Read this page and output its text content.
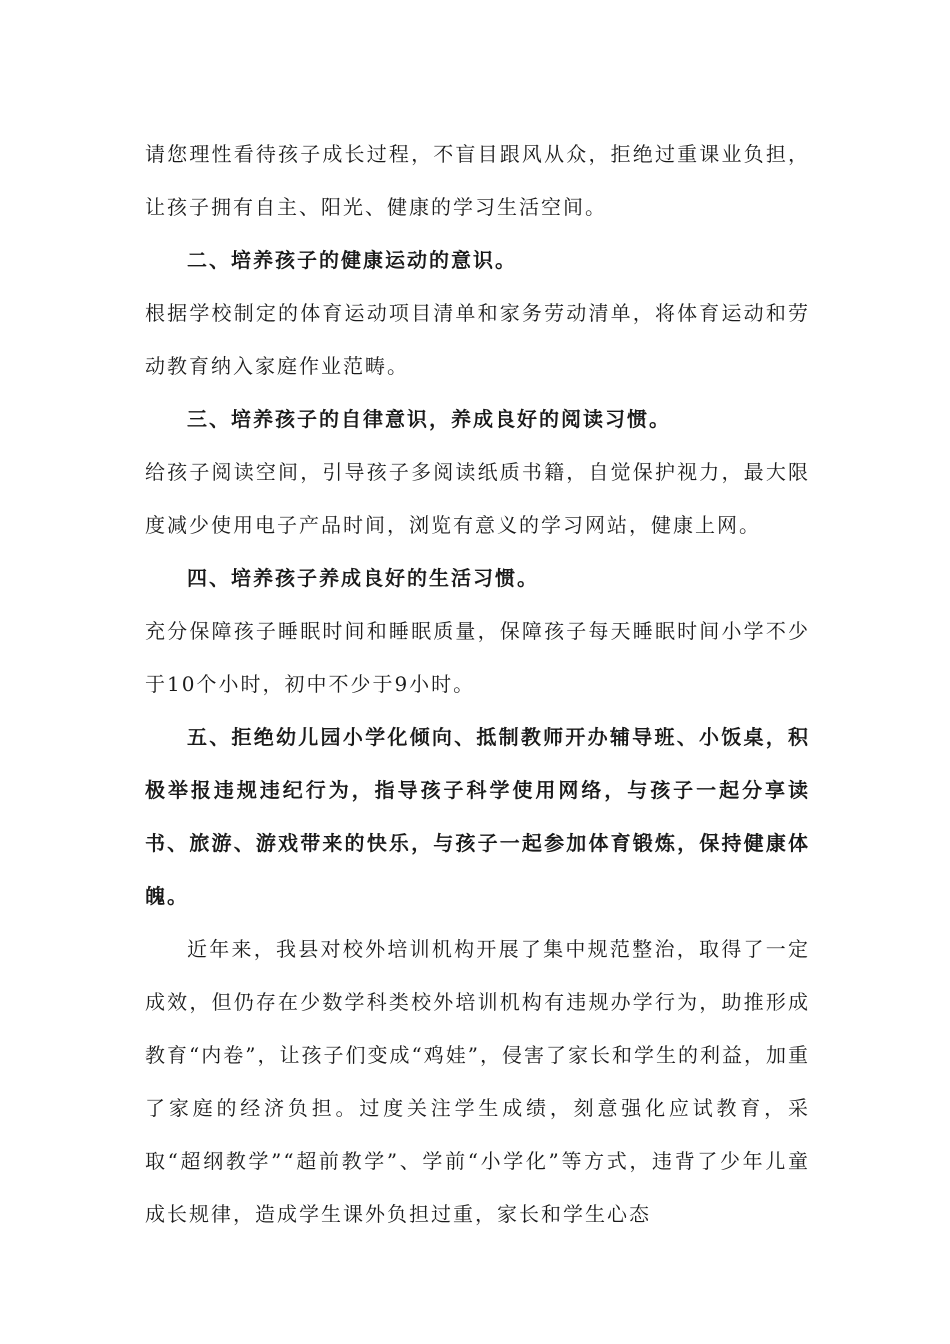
请您理性看待孩子成长过程，不盲目跟风从众，拒绝过重课业负担，让孩子拥有自主、阳光、健康的学习生活空间。

二、培养孩子的健康运动的意识。

根据学校制定的体育运动项目清单和家务劳动清单，将体育运动和劳动教育纳入家庭作业范畴。

三、培养孩子的自律意识，养成良好的阅读习惯。

给孩子阅读空间，引导孩子多阅读纸质书籍，自觉保护视力，最大限度减少使用电子产品时间，浏览有意义的学习网站，健康上网。

四、培养孩子养成良好的生活习惯。

充分保障孩子睡眠时间和睡眠质量，保障孩子每天睡眠时间小学不少于10个小时，初中不少于9小时。

五、拒绝幼儿园小学化倾向、抵制教师开办辅导班、小饭桌，积极举报违规违纪行为，指导孩子科学使用网络，与孩子一起分享读书、旅游、游戏带来的快乐，与孩子一起参加体育锻炼，保持健康体魄。

近年来，我县对校外培训机构开展了集中规范整治，取得了一定成效，但仍存在少数学科类校外培训机构有违规办学行为，助推形成教育“内卷”，让孩子们变成“鸡娃”，侵害了家长和学生的利益，加重了家庭的经济负担。过度关注学生成绩，刻意强化应试教育，采取“超纲教学”“超前教学”、学前“小学化”等方式，违背了少年儿童成长规律，造成学生课外负担过重，家长和学生心态
